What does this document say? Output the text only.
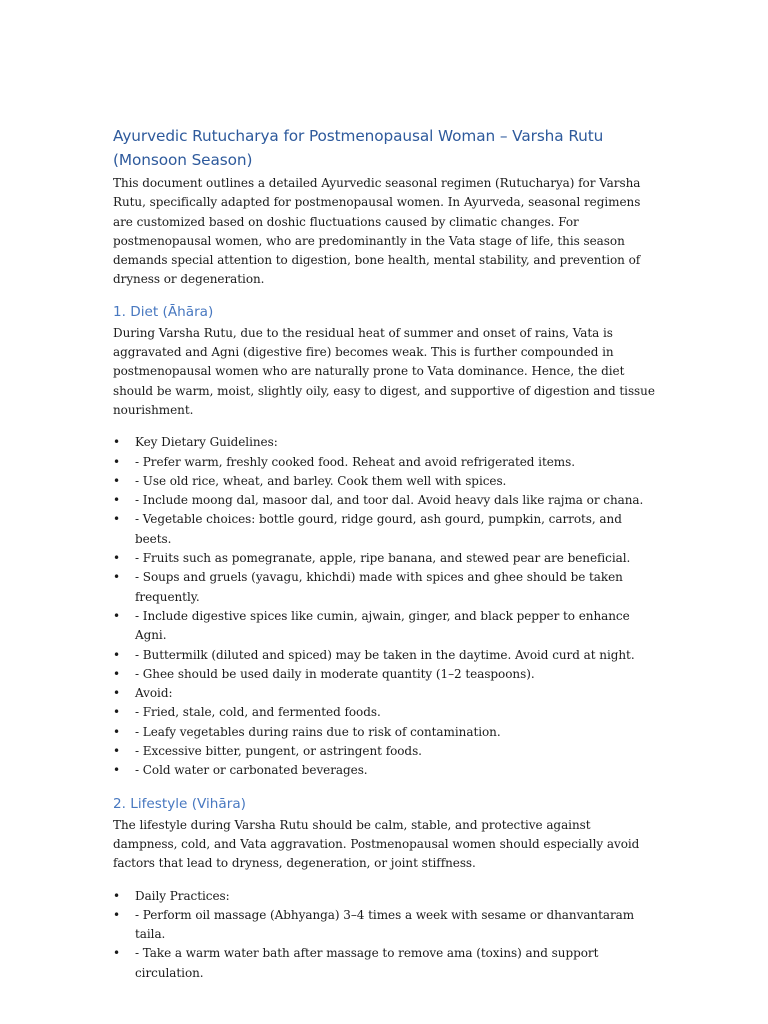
Ayurvedic Rutucharya for Postmenopausal Woman – Varsha Rutu (Monsoon Season)

This document outlines a detailed Ayurvedic seasonal regimen (Rutucharya) for Varsha Rutu, specifically adapted for postmenopausal women. In Ayurveda, seasonal regimens are customized based on doshic fluctuations caused by climatic changes. For postmenopausal women, who are predominantly in the Vata stage of life, this season demands special attention to digestion, bone health, mental stability, and prevention of dryness or degeneration.

1. Diet (Āhāra)

During Varsha Rutu, due to the residual heat of summer and onset of rains, Vata is aggravated and Agni (digestive fire) becomes weak. This is further compounded in postmenopausal women who are naturally prone to Vata dominance. Hence, the diet should be warm, moist, slightly oily, easy to digest, and supportive of digestion and tissue nourishment.

• Key Dietary Guidelines:
• - Prefer warm, freshly cooked food. Reheat and avoid refrigerated items.
• - Use old rice, wheat, and barley. Cook them well with spices.
• - Include moong dal, masoor dal, and toor dal. Avoid heavy dals like rajma or chana.
• - Vegetable choices: bottle gourd, ridge gourd, ash gourd, pumpkin, carrots, and beets.
• - Fruits such as pomegranate, apple, ripe banana, and stewed pear are beneficial.
• - Soups and gruels (yavagu, khichdi) made with spices and ghee should be taken frequently.
• - Include digestive spices like cumin, ajwain, ginger, and black pepper to enhance Agni.
• - Buttermilk (diluted and spiced) may be taken in the daytime. Avoid curd at night.
• - Ghee should be used daily in moderate quantity (1–2 teaspoons).
• Avoid:
• - Fried, stale, cold, and fermented foods.
• - Leafy vegetables during rains due to risk of contamination.
• - Excessive bitter, pungent, or astringent foods.
• - Cold water or carbonated beverages.
2. Lifestyle (Vihāra)

The lifestyle during Varsha Rutu should be calm, stable, and protective against dampness, cold, and Vata aggravation. Postmenopausal women should especially avoid factors that lead to dryness, degeneration, or joint stiffness.

• Daily Practices:
• - Perform oil massage (Abhyanga) 3–4 times a week with sesame or dhanvantaram taila.
• - Take a warm water bath after massage to remove ama (toxins) and support circulation.
